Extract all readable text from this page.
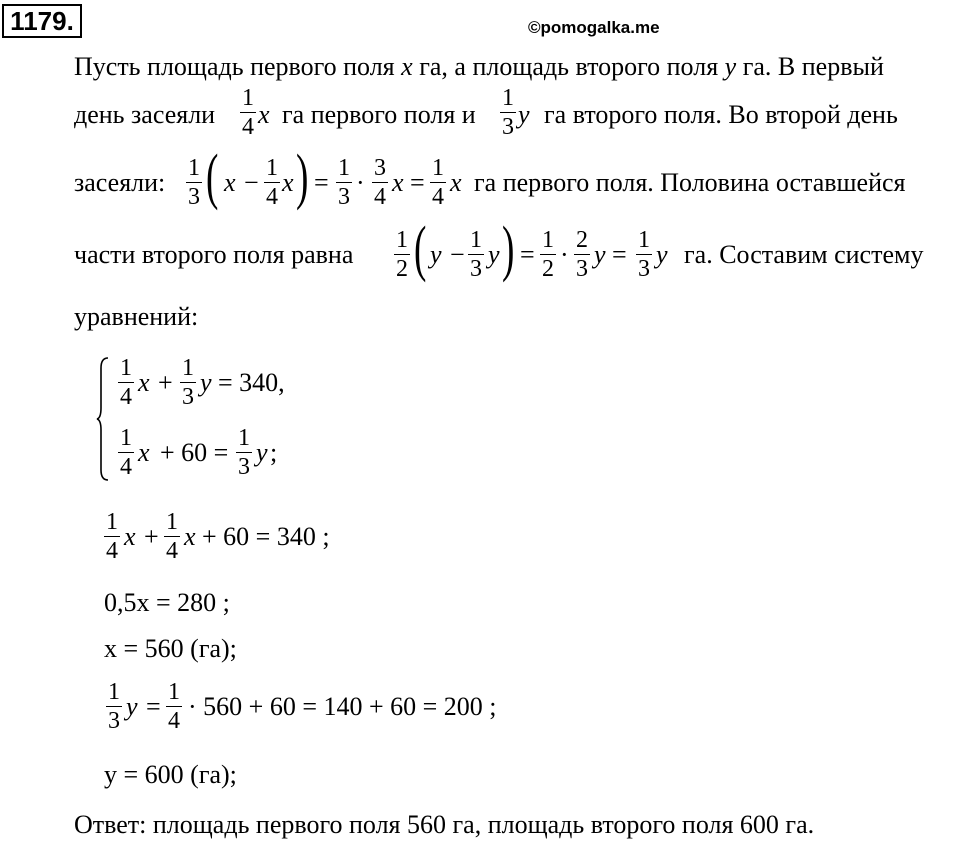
1179.	©pomogalka.me
Пусть площадь первого поля x га, а площадь второго поля y га. В первый
день засеяли
1
4 x га первого поля и
1
3 y га второго поля. Во второй день
засеяли: 1
3 ( x − 1
4 x ) = 1
3 · 3
4 x = 1
4 x га первого поля. Половина оставшейся
части второго поля равна 1
2 ( y − 1
3 y ) = 1
2 · 2
3 y = 1
3 y га. Составим систему
уравнений:
1
4 x + 1
3 y = 340,
1
4 x + 60 = 1
3 y ;
1
4 x + 1
4 x + 60 = 340 ;
0,5x = 280 ;
x = 560 (га);
1
3 y = 1
4 · 560 + 60 = 140 + 60 = 200 ;
y = 600 (га);
Ответ: площадь первого поля 560 га, площадь второго поля 600 га.
